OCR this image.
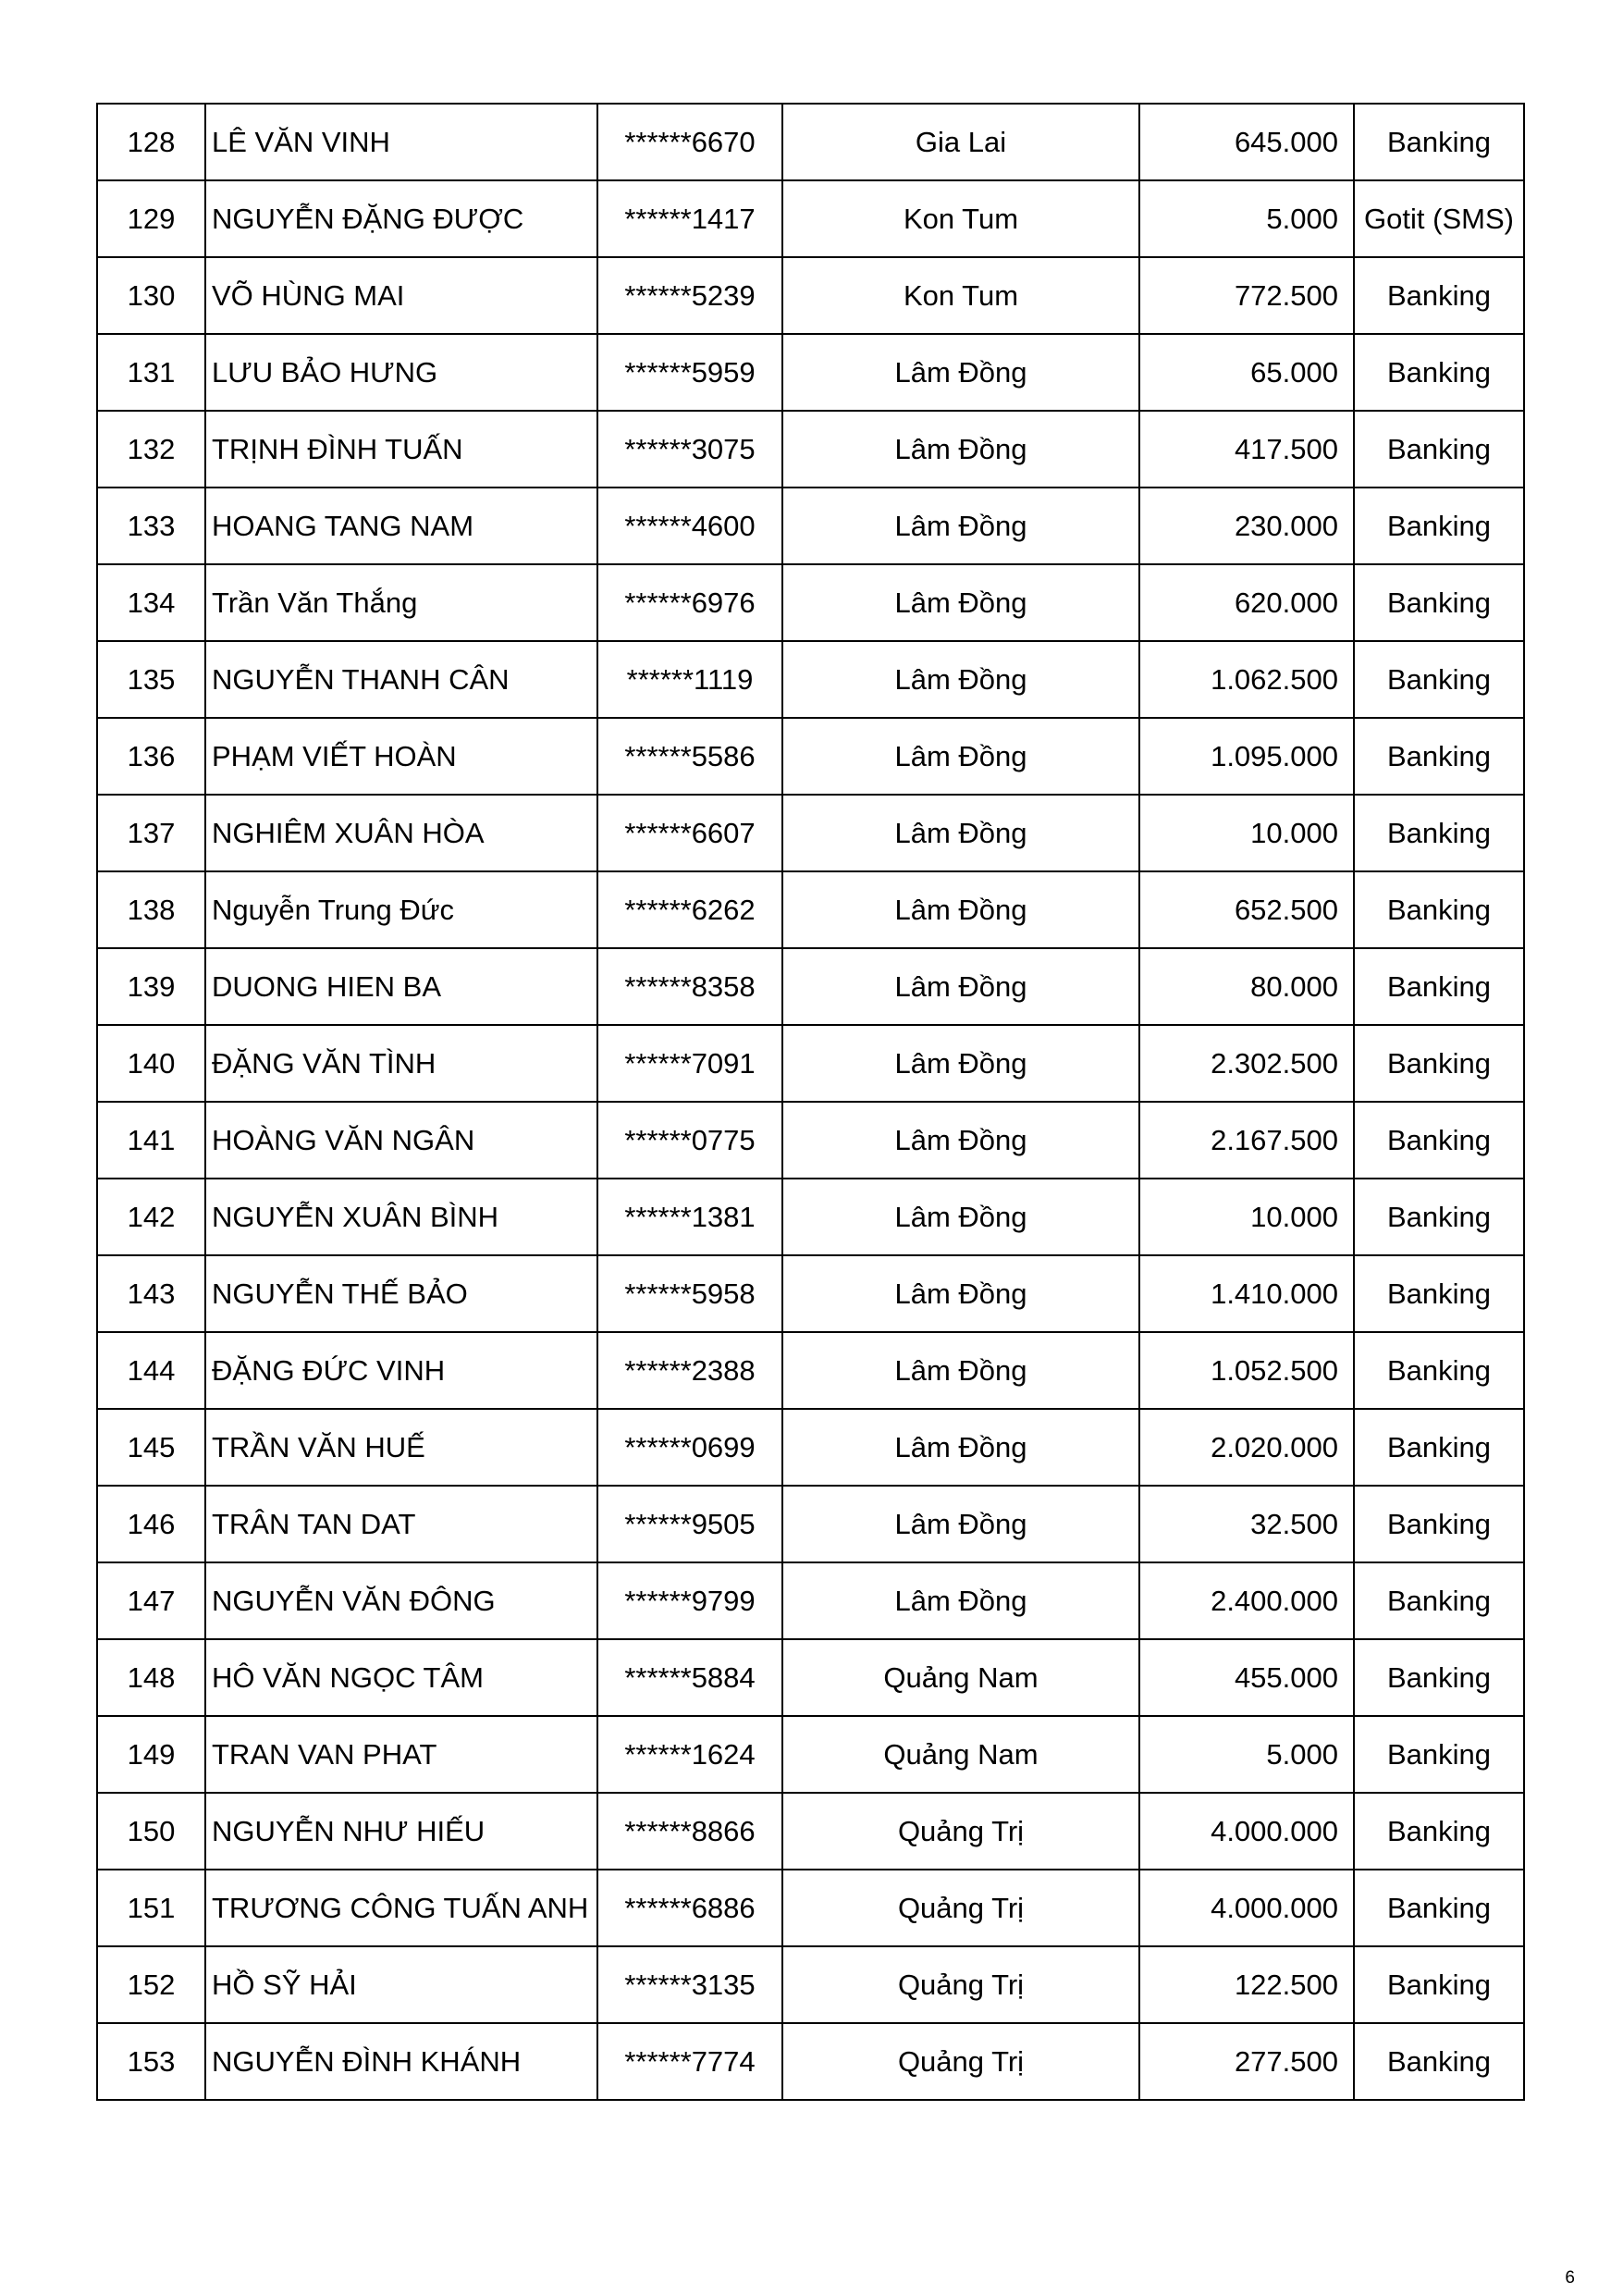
128	LÊ VĂN VINH	******6670	Gia Lai	645.000	Banking
129	NGUYỄN ĐẶNG ĐƯỢC	******1417	Kon Tum	5.000	Gotit (SMS)
130	VÕ HÙNG MAI	******5239	Kon Tum	772.500	Banking
131	LƯU BẢO HƯNG	******5959	Lâm Đồng	65.000	Banking
132	TRỊNH ĐÌNH TUẤN	******3075	Lâm Đồng	417.500	Banking
133	HOANG TANG NAM	******4600	Lâm Đồng	230.000	Banking
134	Trần Văn Thắng	******6976	Lâm Đồng	620.000	Banking
135	NGUYỄN THANH CÂN	******1119	Lâm Đồng	1.062.500	Banking
136	PHẠM VIẾT HOÀN	******5586	Lâm Đồng	1.095.000	Banking
137	NGHIÊM XUÂN HÒA	******6607	Lâm Đồng	10.000	Banking
138	Nguyễn Trung Đức	******6262	Lâm Đồng	652.500	Banking
139	DUONG HIEN BA	******8358	Lâm Đồng	80.000	Banking
140	ĐẶNG VĂN TÌNH	******7091	Lâm Đồng	2.302.500	Banking
141	HOÀNG VĂN NGÂN	******0775	Lâm Đồng	2.167.500	Banking
142	NGUYỄN XUÂN BÌNH	******1381	Lâm Đồng	10.000	Banking
143	NGUYỄN THẾ BẢO	******5958	Lâm Đồng	1.410.000	Banking
144	ĐẶNG ĐỨC VINH	******2388	Lâm Đồng	1.052.500	Banking
145	TRẦN VĂN HUẾ	******0699	Lâm Đồng	2.020.000	Banking
146	TRÂN TAN DAT	******9505	Lâm Đồng	32.500	Banking
147	NGUYỄN VĂN ĐÔNG	******9799	Lâm Đồng	2.400.000	Banking
148	HÔ VĂN NGỌC TÂM	******5884	Quảng Nam	455.000	Banking
149	TRAN VAN PHAT	******1624	Quảng Nam	5.000	Banking
150	NGUYỄN NHƯ HIẾU	******8866	Quảng Trị	4.000.000	Banking
151	TRƯƠNG CÔNG TUẤN ANH	******6886	Quảng Trị	4.000.000	Banking
152	HỒ SỸ HẢI	******3135	Quảng Trị	122.500	Banking
153	NGUYỄN ĐÌNH KHÁNH	******7774	Quảng Trị	277.500	Banking
6
